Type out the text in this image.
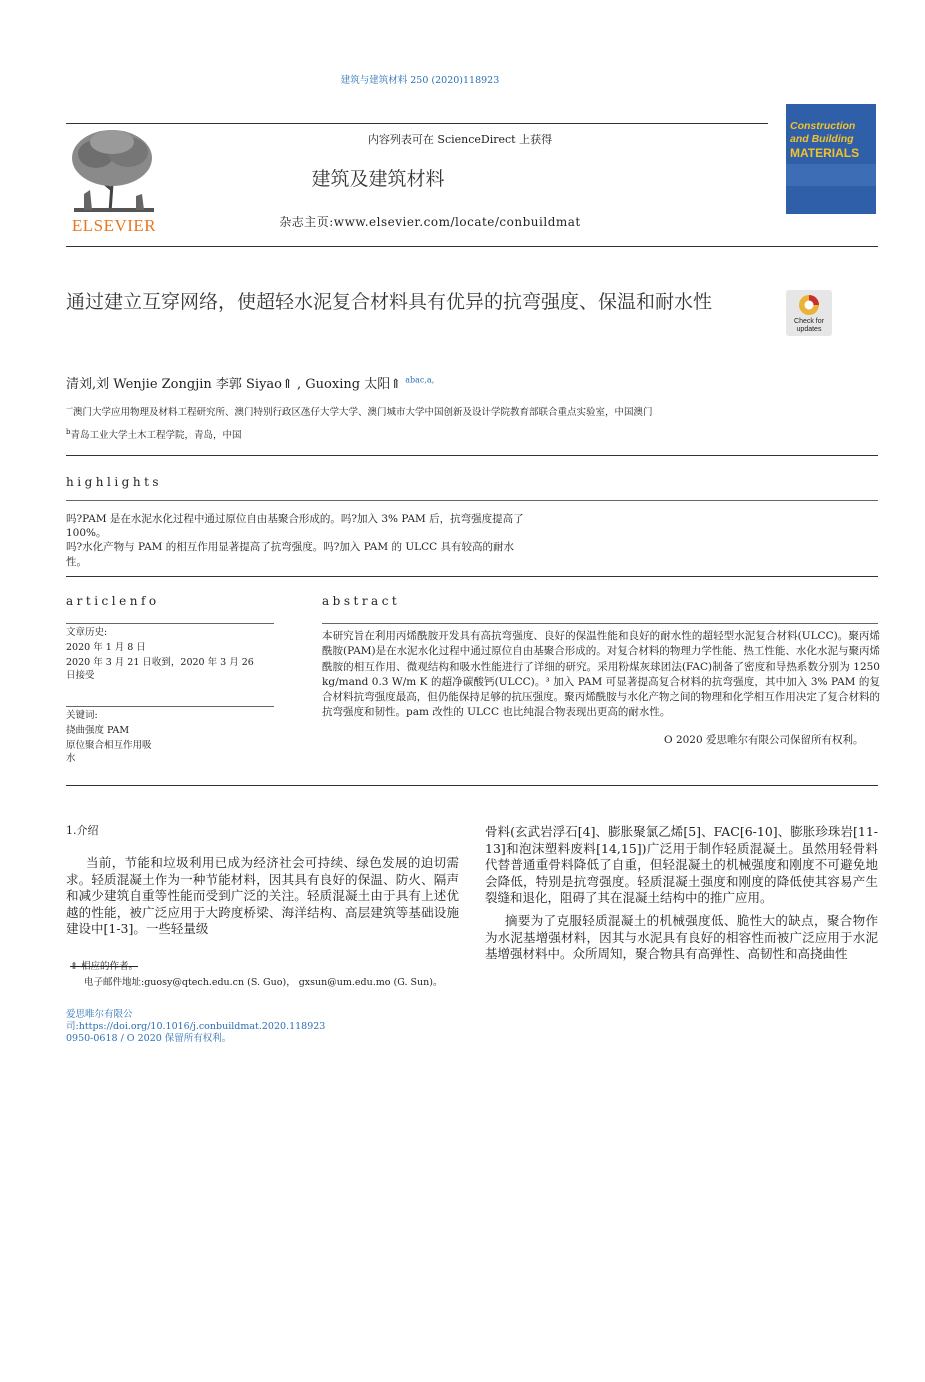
建筑与建筑材料 250 (2020)118923
ELSEVIER
内容列表可在 ScienceDirect 上获得
建筑及建筑材料
杂志主页:www.elsevier.com/locate/conbuildmat
Construction
and Building
MATERIALS
通过建立互穿网络，使超轻水泥复合材料具有优异的抗弯强度、保温和耐水性
Check for
updates
清刘,刘 Wenjie Zongjin 李郭 Siyao⇑ , Guoxing 太阳⇑ $^{abac,a,}$
$^一$澳门大学应用物理及材料工程研究所、澳门特别行政区氹仔大学大学、澳门城市大学中国创新及设计学院教育部联合重点实验室，中国澳门
$^b$青岛工业大学土木工程学院，青岛，中国
highlights
吗?PAM 是在水泥水化过程中通过原位自由基聚合形成的。吗?加入 3% PAM 后，抗弯强度提高了
100%。
吗?水化产物与 PAM 的相互作用显著提高了抗弯强度。吗?加入 PAM 的 ULCC 具有较高的耐水
性。
articlenfo	abstract
文章历史:
2020 年 1 月 8 日
2020 年 3 月 21 日收到，2020 年 3 月 26
日接受
关键词:
挠曲强度 PAM
原位聚合相互作用吸
水
本研究旨在利用丙烯酰胺开发具有高抗弯强度、良好的保温性能和良好的耐水性的超轻型水泥复合材料(ULCC)。聚丙烯酰胺(PAM)是在水泥水化过程中通过原位自由基聚合形成的。对复合材料的物理力学性能、热工性能、水化水泥与聚丙烯酰胺的相互作用、微观结构和吸水性能进行了详细的研究。采用粉煤灰球团法(FAC)制备了密度和导热系数分别为 1250 kg/mand 0.3 W/m K 的超净碳酸钙(ULCC)。³ 加入 PAM 可显著提高复合材料的抗弯强度，其中加入 3% PAM 的复合材料抗弯强度最高，但仍能保持足够的抗压强度。聚丙烯酰胺与水化产物之间的物理和化学相互作用决定了复合材料的抗弯强度和韧性。pam 改性的 ULCC 也比纯混合物表现出更高的耐水性。
O 2020 爱思唯尔有限公司保留所有权利。
1.介绍

当前，节能和垃圾利用已成为经济社会可持续、绿色发展的迫切需求。轻质混凝土作为一种节能材料，因其具有良好的保温、防火、隔声和减少建筑自重等性能而受到广泛的关注。轻质混凝土由于具有上述优越的性能，被广泛应用于大跨度桥梁、海洋结构、高层建筑等基础设施建设中[1-3]。一些轻量级

骨料(玄武岩浮石[4]、膨胀聚氯乙烯[5]、FAC[6-10]、膨胀珍珠岩[11-13]和泡沫塑料废料[14,15])广泛用于制作轻质混凝土。虽然用轻骨料代替普通重骨料降低了自重，但轻混凝土的机械强度和刚度不可避免地会降低，特别是抗弯强度。轻质混凝土强度和刚度的降低使其容易产生裂缝和退化，阻碍了其在混凝土结构中的推广应用。

摘要为了克服轻质混凝土的机械强度低、脆性大的缺点，聚合物作为水泥基增强材料，因其与水泥具有良好的相容性而被广泛应用于水泥基增强材料中。众所周知，聚合物具有高弹性、高韧性和高挠曲性

⇑ 相应的作者。
电子邮件地址:guosy@qtech.edu.cn (S. Guo)， gxsun@um.edu.mo (G. Sun)。
爱思唯尔有限公
司:https://doi.org/10.1016/j.conbuildmat.2020.118923
0950-0618 / O 2020 保留所有权利。
